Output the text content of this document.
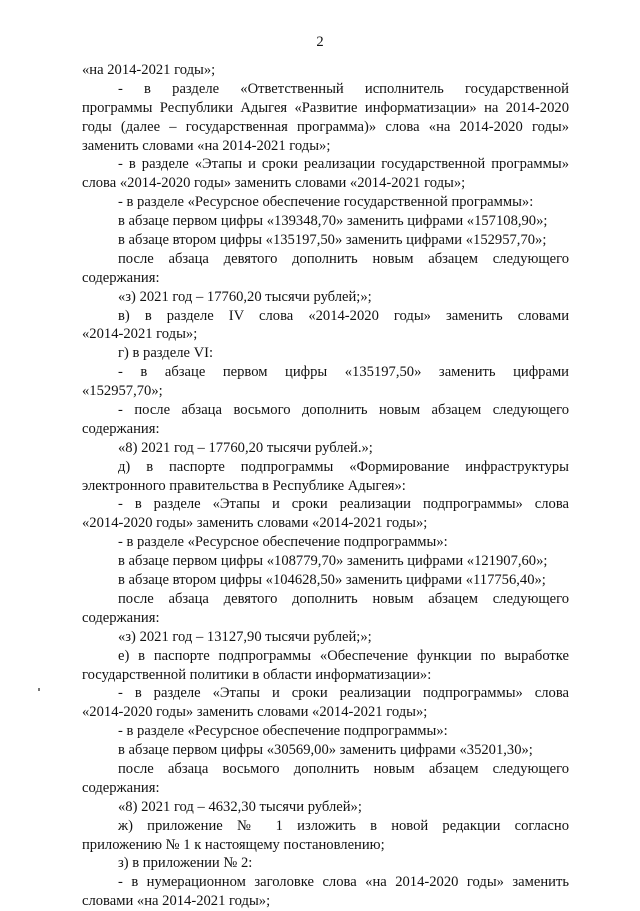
2
«на 2014-2021 годы»;
- в разделе «Ответственный исполнитель государственной
программы Республики Адыгея «Развитие информатизации» на 2014-2020
годы (далее – государственная программа)» слова «на 2014-2020 годы»
заменить словами «на 2014-2021 годы»;
- в разделе «Этапы и сроки реализации государственной программы»
слова «2014-2020 годы» заменить словами «2014-2021 годы»;
- в разделе «Ресурсное обеспечение государственной программы»:
в абзаце первом цифры «139348,70» заменить цифрами «157108,90»;
в абзаце втором цифры «135197,50» заменить цифрами «152957,70»;
после абзаца девятого дополнить новым абзацем следующего
содержания:
«з) 2021 год – 17760,20 тысячи рублей;»;
в) в разделе IV слова «2014-2020 годы» заменить словами
«2014-2021 годы»;
г) в разделе VI:
- в абзаце первом цифры «135197,50» заменить цифрами
«152957,70»;
- после абзаца восьмого дополнить новым абзацем следующего
содержания:
«8) 2021 год – 17760,20 тысячи рублей.»;
д) в паспорте подпрограммы «Формирование инфраструктуры
электронного правительства в Республике Адыгея»:
- в разделе «Этапы и сроки реализации подпрограммы» слова
«2014-2020 годы» заменить словами «2014-2021 годы»;
- в разделе «Ресурсное обеспечение подпрограммы»:
в абзаце первом цифры «108779,70» заменить цифрами «121907,60»;
в абзаце втором цифры «104628,50» заменить цифрами «117756,40»;
после абзаца девятого дополнить новым абзацем следующего
содержания:
«з) 2021 год – 13127,90 тысячи рублей;»;
е) в паспорте подпрограммы «Обеспечение функции по выработке
государственной политики в области информатизации»:
- в разделе «Этапы и сроки реализации подпрограммы» слова
«2014-2020 годы» заменить словами «2014-2021 годы»;
- в разделе «Ресурсное обеспечение подпрограммы»:
в абзаце первом цифры «30569,00» заменить цифрами «35201,30»;
после абзаца восьмого дополнить новым абзацем следующего
содержания:
«8) 2021 год – 4632,30 тысячи рублей»;
ж) приложение № 1 изложить в новой редакции согласно
приложению № 1 к настоящему постановлению;
з) в приложении № 2:
- в нумерационном заголовке слова «на 2014-2020 годы» заменить
словами «на 2014-2021 годы»;
